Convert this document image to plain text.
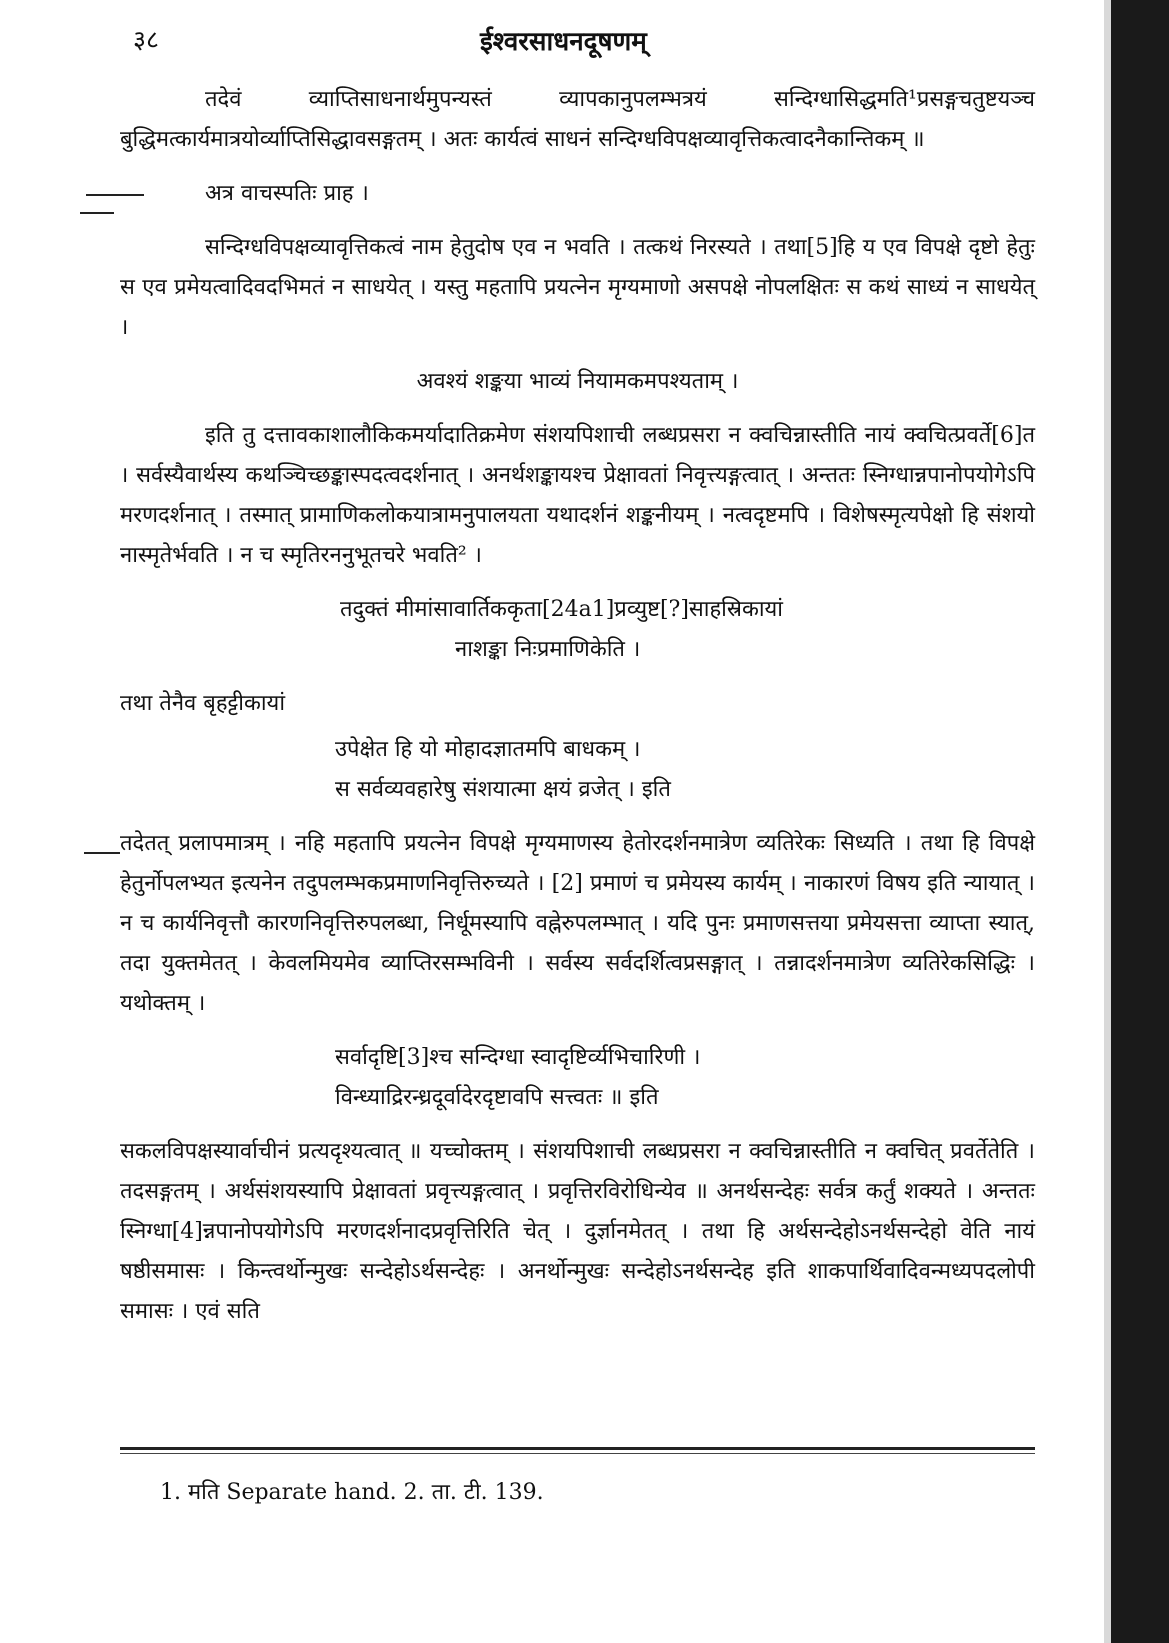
३८	ईश्वरसाधनदूषणम्

तदेवं व्याप्तिसाधनार्थमुपन्यस्तं व्यापकानुपलम्भत्रयं सन्दिग्धासिद्धमति¹प्रसङ्गचतुष्टयञ्च बुद्धिमत्कार्यमात्रयोर्व्याप्तिसिद्धावसङ्गतम् । अतः कार्यत्वं साधनं सन्दिग्धविपक्षव्यावृत्तिकत्वादनैकान्तिकम् ॥

अत्र वाचस्पतिः प्राह ।

सन्दिग्धविपक्षव्यावृत्तिकत्वं नाम हेतुदोष एव न भवति । तत्कथं निरस्यते । तथा[5]हि य एव विपक्षे दृष्टो हेतुः स एव प्रमेयत्वादिवदभिमतं न साधयेत् । यस्तु महतापि प्रयत्नेन मृग्यमाणो असपक्षे नोपलक्षितः स कथं साध्यं न साधयेत् ।

अवश्यं शङ्कया भाव्यं नियामकमपश्यताम् ।

इति तु दत्तावकाशालौकिकमर्यादातिक्रमेण संशयपिशाची लब्धप्रसरा न क्वचिन्नास्तीति नायं क्वचित्प्रवर्ते[6]त । सर्वस्यैवार्थस्य कथञ्चिच्छङ्कास्पदत्वदर्शनात् । अनर्थशङ्कायश्च प्रेक्षावतां निवृत्त्यङ्गत्वात् । अन्ततः स्निग्धान्नपानोपयोगेऽपि मरणदर्शनात् । तस्मात् प्रामाणिकलोकयात्रामनुपालयता यथादर्शनं शङ्कनीयम् । नत्वदृष्टमपि । विशेषस्मृत्यपेक्षो हि संशयो नास्मृतेर्भवति । न च स्मृतिरननुभूतचरे भवति² ।

तदुक्तं मीमांसावार्तिककृता[24a1]प्रव्युष्ट[?]साहस्रिकायां
नाशङ्का निःप्रमाणिकेति ।

तथा तेनैव बृहट्टीकायां

उपेक्षेत हि यो मोहादज्ञातमपि बाधकम् ।
स सर्वव्यवहारेषु संशयात्मा क्षयं व्रजेत् । इति

तदेतत् प्रलापमात्रम् । नहि महतापि प्रयत्नेन विपक्षे मृग्यमाणस्य हेतोरदर्शनमात्रेण व्यतिरेकः सिध्यति । तथा हि विपक्षे हेतुर्नोपलभ्यत इत्यनेन तदुपलम्भकप्रमाणनिवृत्तिरुच्यते । [2] प्रमाणं च प्रमेयस्य कार्यम् । नाकारणं विषय इति न्यायात् । न च कार्यनिवृत्तौ कारणनिवृत्तिरुपलब्धा, निर्धूमस्यापि वह्नेरुपलम्भात् । यदि पुनः प्रमाणसत्तया प्रमेयसत्ता व्याप्ता स्यात्, तदा युक्तमेतत् । केवलमियमेव व्याप्तिरसम्भविनी । सर्वस्य सर्वदर्शित्वप्रसङ्गात् । तन्नादर्शनमात्रेण व्यतिरेकसिद्धिः । यथोक्तम् ।

सर्वादृष्टि[3]श्च सन्दिग्धा स्वादृष्टिर्व्यभिचारिणी ।
विन्ध्याद्रिरन्ध्रदूर्वादेरदृष्टावपि सत्त्वतः ॥ इति

सकलविपक्षस्यार्वाचीनं प्रत्यदृश्यत्वात् ॥ यच्चोक्तम् । संशयपिशाची लब्धप्रसरा न क्वचिन्नास्तीति न क्वचित् प्रवर्तेतेति । तदसङ्गतम् । अर्थसंशयस्यापि प्रेक्षावतां प्रवृत्त्यङ्गत्वात् । प्रवृत्तिरविरोधिन्येव ॥ अनर्थसन्देहः सर्वत्र कर्तुं शक्यते । अन्ततः स्निग्धा[4]न्नपानोपयोगेऽपि मरणदर्शनादप्रवृत्तिरिति चेत् । दुर्ज्ञानमेतत् । तथा हि अर्थसन्देहोऽनर्थसन्देहो वेति नायं षष्ठीसमासः । किन्त्वर्थोन्मुखः सन्देहोऽर्थसन्देहः । अनर्थोन्मुखः सन्देहोऽनर्थसन्देह इति शाकपार्थिवादिवन्मध्यपदलोपी समासः । एवं सति

1. मति Separate hand. 2. ता. टी. 139.
